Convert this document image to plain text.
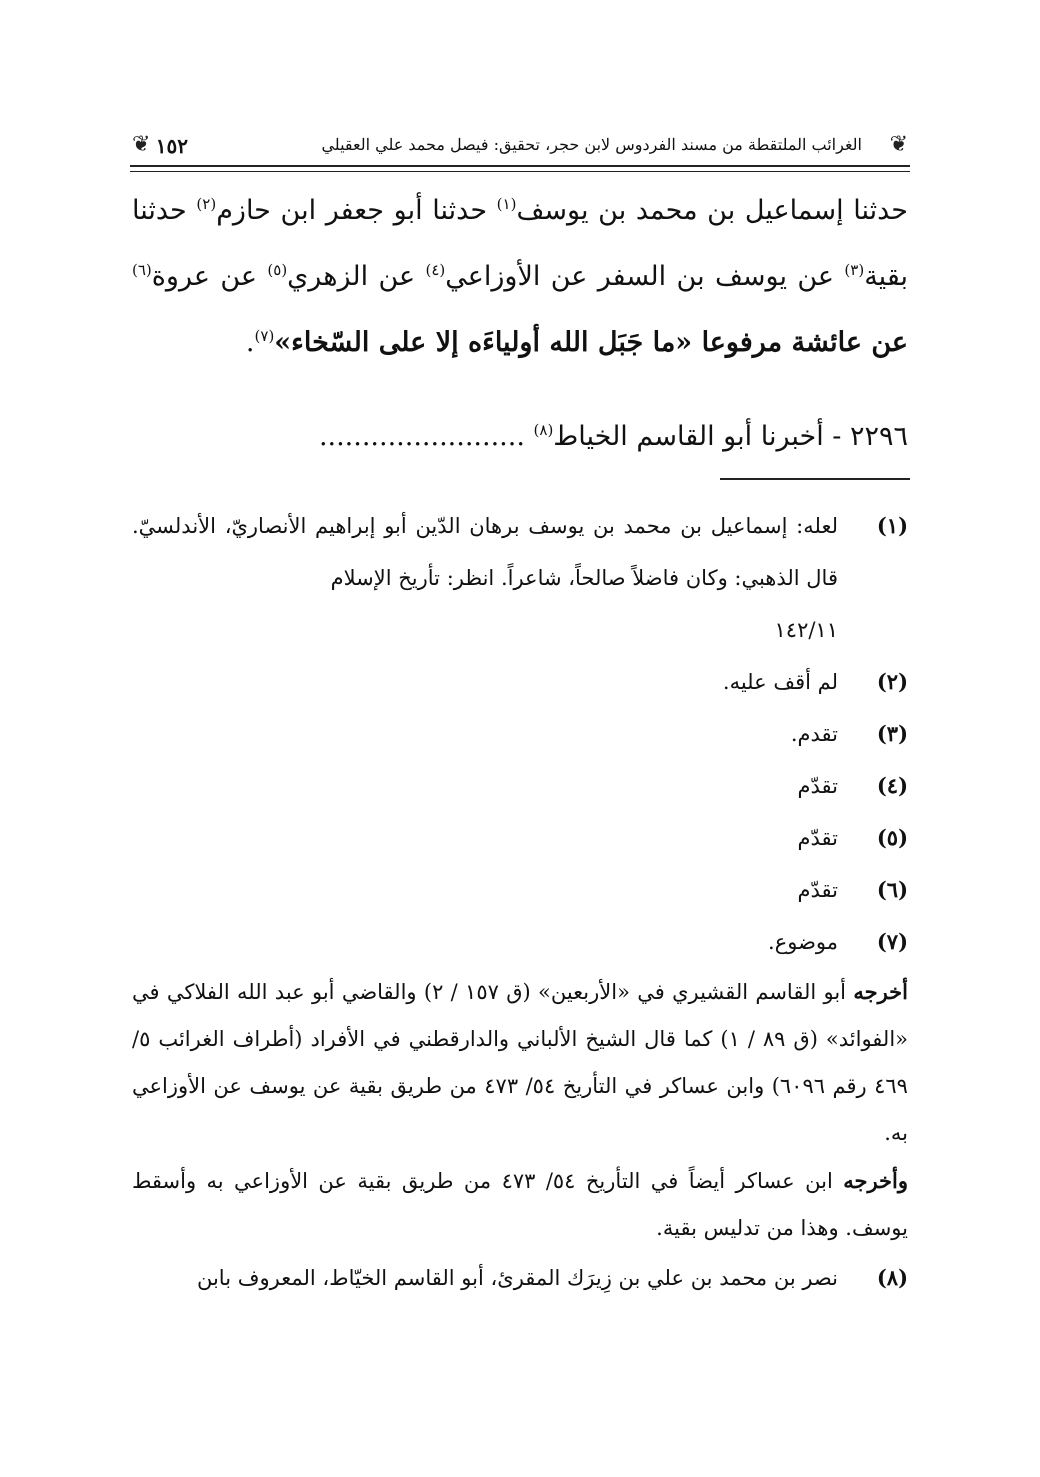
❦
الغرائب الملتقطة من مسند الفردوس لابن حجر، تحقيق: فيصل محمد علي العقيلي
١٥٢
❦

حدثنا إسماعيل بن محمد بن يوسف$^{(١)}$ حدثنا أبو جعفر ابن حازم$^{(٢)}$ حدثنا بقية$^{(٣)}$ عن يوسف بن السفر عن الأوزاعي$^{(٤)}$ عن الزهري$^{(٥)}$ عن عروة$^{(٦)}$ عن عائشة مرفوعا «ما جَبَل الله أولياءَه إلا على السّخاء»$^{(٧)}$.

٢٢٩٦ - أخبرنا أبو القاسم الخياط$^{(٨)}$ ........................
(١)
لعله: إسماعيل بن محمد بن يوسف برهان الدّين أبو إبراهيم الأنصاريّ، الأندلسيّ. قال الذهبي: وكان فاضلاً صالحاً، شاعراً. انظر: تأريخ الإسلام
١٤٢/١١
(٢)
لم أقف عليه.
(٣)
تقدم.
(٤)
تقدّم
(٥)
تقدّم
(٦)
تقدّم
(٧)
موضوع.
أخرجه أبو القاسم القشيري في «الأربعين» (ق ١٥٧ / ٢) والقاضي أبو عبد الله الفلاكي في «الفوائد» (ق ٨٩ / ١) كما قال الشيخ الألباني والدارقطني في الأفراد (أطراف الغرائب ٥/ ٤٦٩ رقم ٦٠٩٦) وابن عساكر في التأريخ ٥٤/ ٤٧٣ من طريق بقية عن يوسف عن الأوزاعي به.
وأخرجه ابن عساكر أيضاً في التأريخ ٥٤/ ٤٧٣ من طريق بقية عن الأوزاعي به وأسقط يوسف. وهذا من تدليس بقية.
(٨)
نصر بن محمد بن علي بن زِيرَك المقرئ، أبو القاسم الخيّاط، المعروف بابن
